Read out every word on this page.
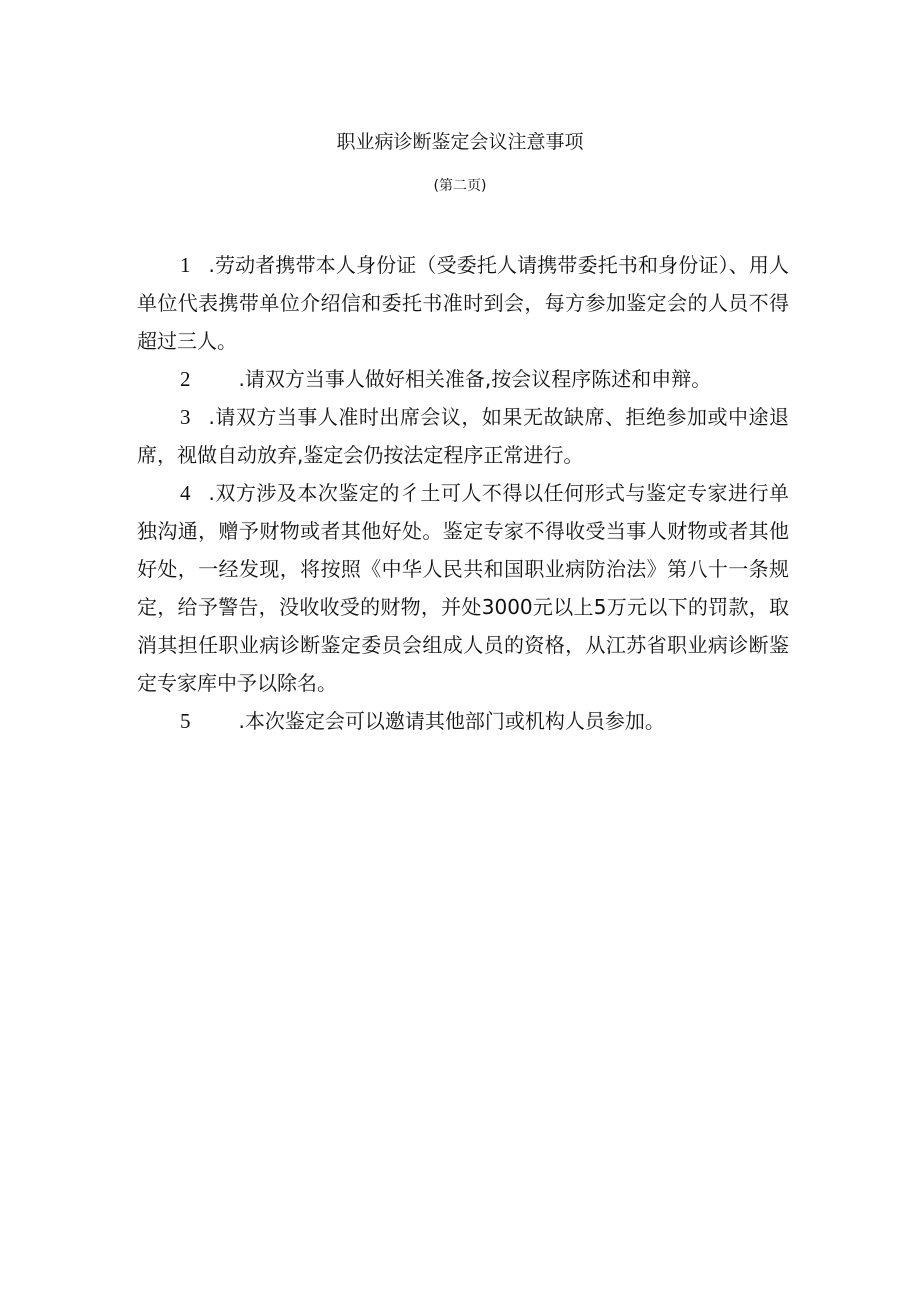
职业病诊断鉴定会议注意事项
(第二页)

1 .劳动者携带本人身份证（受委托人请携带委托书和身份证）、用人单位代表携带单位介绍信和委托书准时到会，每方参加鉴定会的人员不得超过三人。

2 .请双方当事人做好相关准备,按会议程序陈述和申辩。

3 .请双方当事人准时出席会议，如果无故缺席、拒绝参加或中途退席，视做自动放弃,鉴定会仍按法定程序正常进行。

4 .双方涉及本次鉴定的彳土可人不得以任何形式与鉴定专家进行单独沟通，赠予财物或者其他好处。鉴定专家不得收受当事人财物或者其他好处，一经发现，将按照《中华人民共和国职业病防治法》第八十一条规定，给予警告，没收收受的财物，并处3000元以上5万元以下的罚款，取消其担任职业病诊断鉴定委员会组成人员的资格，从江苏省职业病诊断鉴定专家库中予以除名。

5 .本次鉴定会可以邀请其他部门或机构人员参加。
